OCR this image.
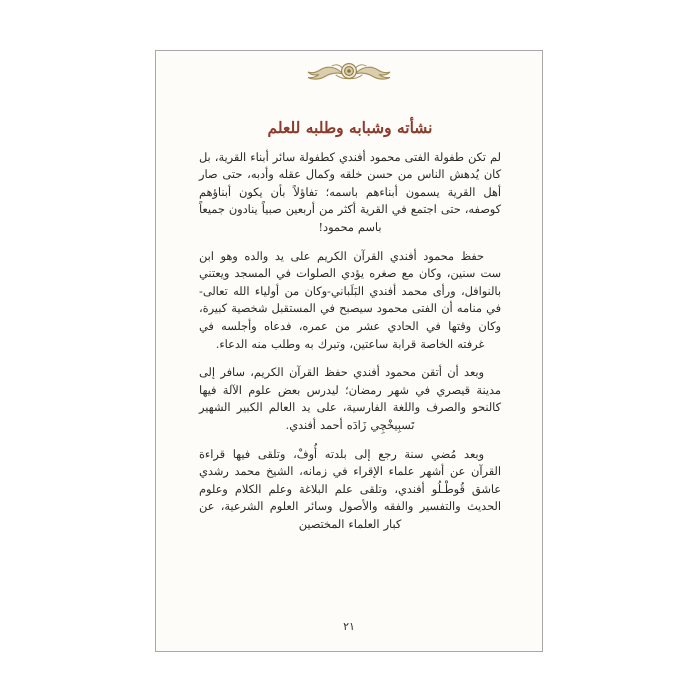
نشأته وشبابه وطلبه للعلم

لم تكن طفولة الفتى محمود أفندي كطفولة سائر أبناء القرية، بل كان يُدهش الناس من حسن خلقه وكمال عقله وأدبه، حتى صار أهل القرية يسمون أبناءهم باسمه؛ تفاؤلاً بأن يكون أبناؤهم كوصفه، حتى اجتمع في القرية أكثر من أربعين صبياً ينادون جميعاً باسم محمود!

حفظ محمود أفندي القرآن الكريم على يد والده وهو ابن ست سنين، وكان مع صغره يؤدي الصلوات في المسجد ويعتني بالنوافل، ورأى محمد أفندي البَلَباني-وكان من أولياء الله تعالى- في منامه أن الفتى محمود سيصبح في المستقبل شخصية كبيرة، وكان وقتها في الحادي عشر من عمره، فدعاه وأجلسه في غرفته الخاصة قرابة ساعتين، وتبرك به وطلب منه الدعاء.

وبعد أن أتقن محمود أفندي حفظ القرآن الكريم، سافر إلى مدينة قيصري في شهر رمضان؛ ليدرس بعض علوم الآلة فيها كالنحو والصرف واللغة الفارسية، على يد العالم الكبير الشهير تَسبِيخْچِي زَادَه أحمد أفندي.

وبعد مُضي سنة رجع إلى بلدته أُوفْ، وتلقى فيها قراءة القرآن عن أشهر علماء الإقراء في زمانه، الشيخ محمد رشدي عاشق قُوطْـلُو أفندي، وتلقى علم البلاغة وعلم الكلام وعلوم الحديث والتفسير والفقه والأصول وسائر العلوم الشرعية، عن كبار العلماء المختصين

٢١
